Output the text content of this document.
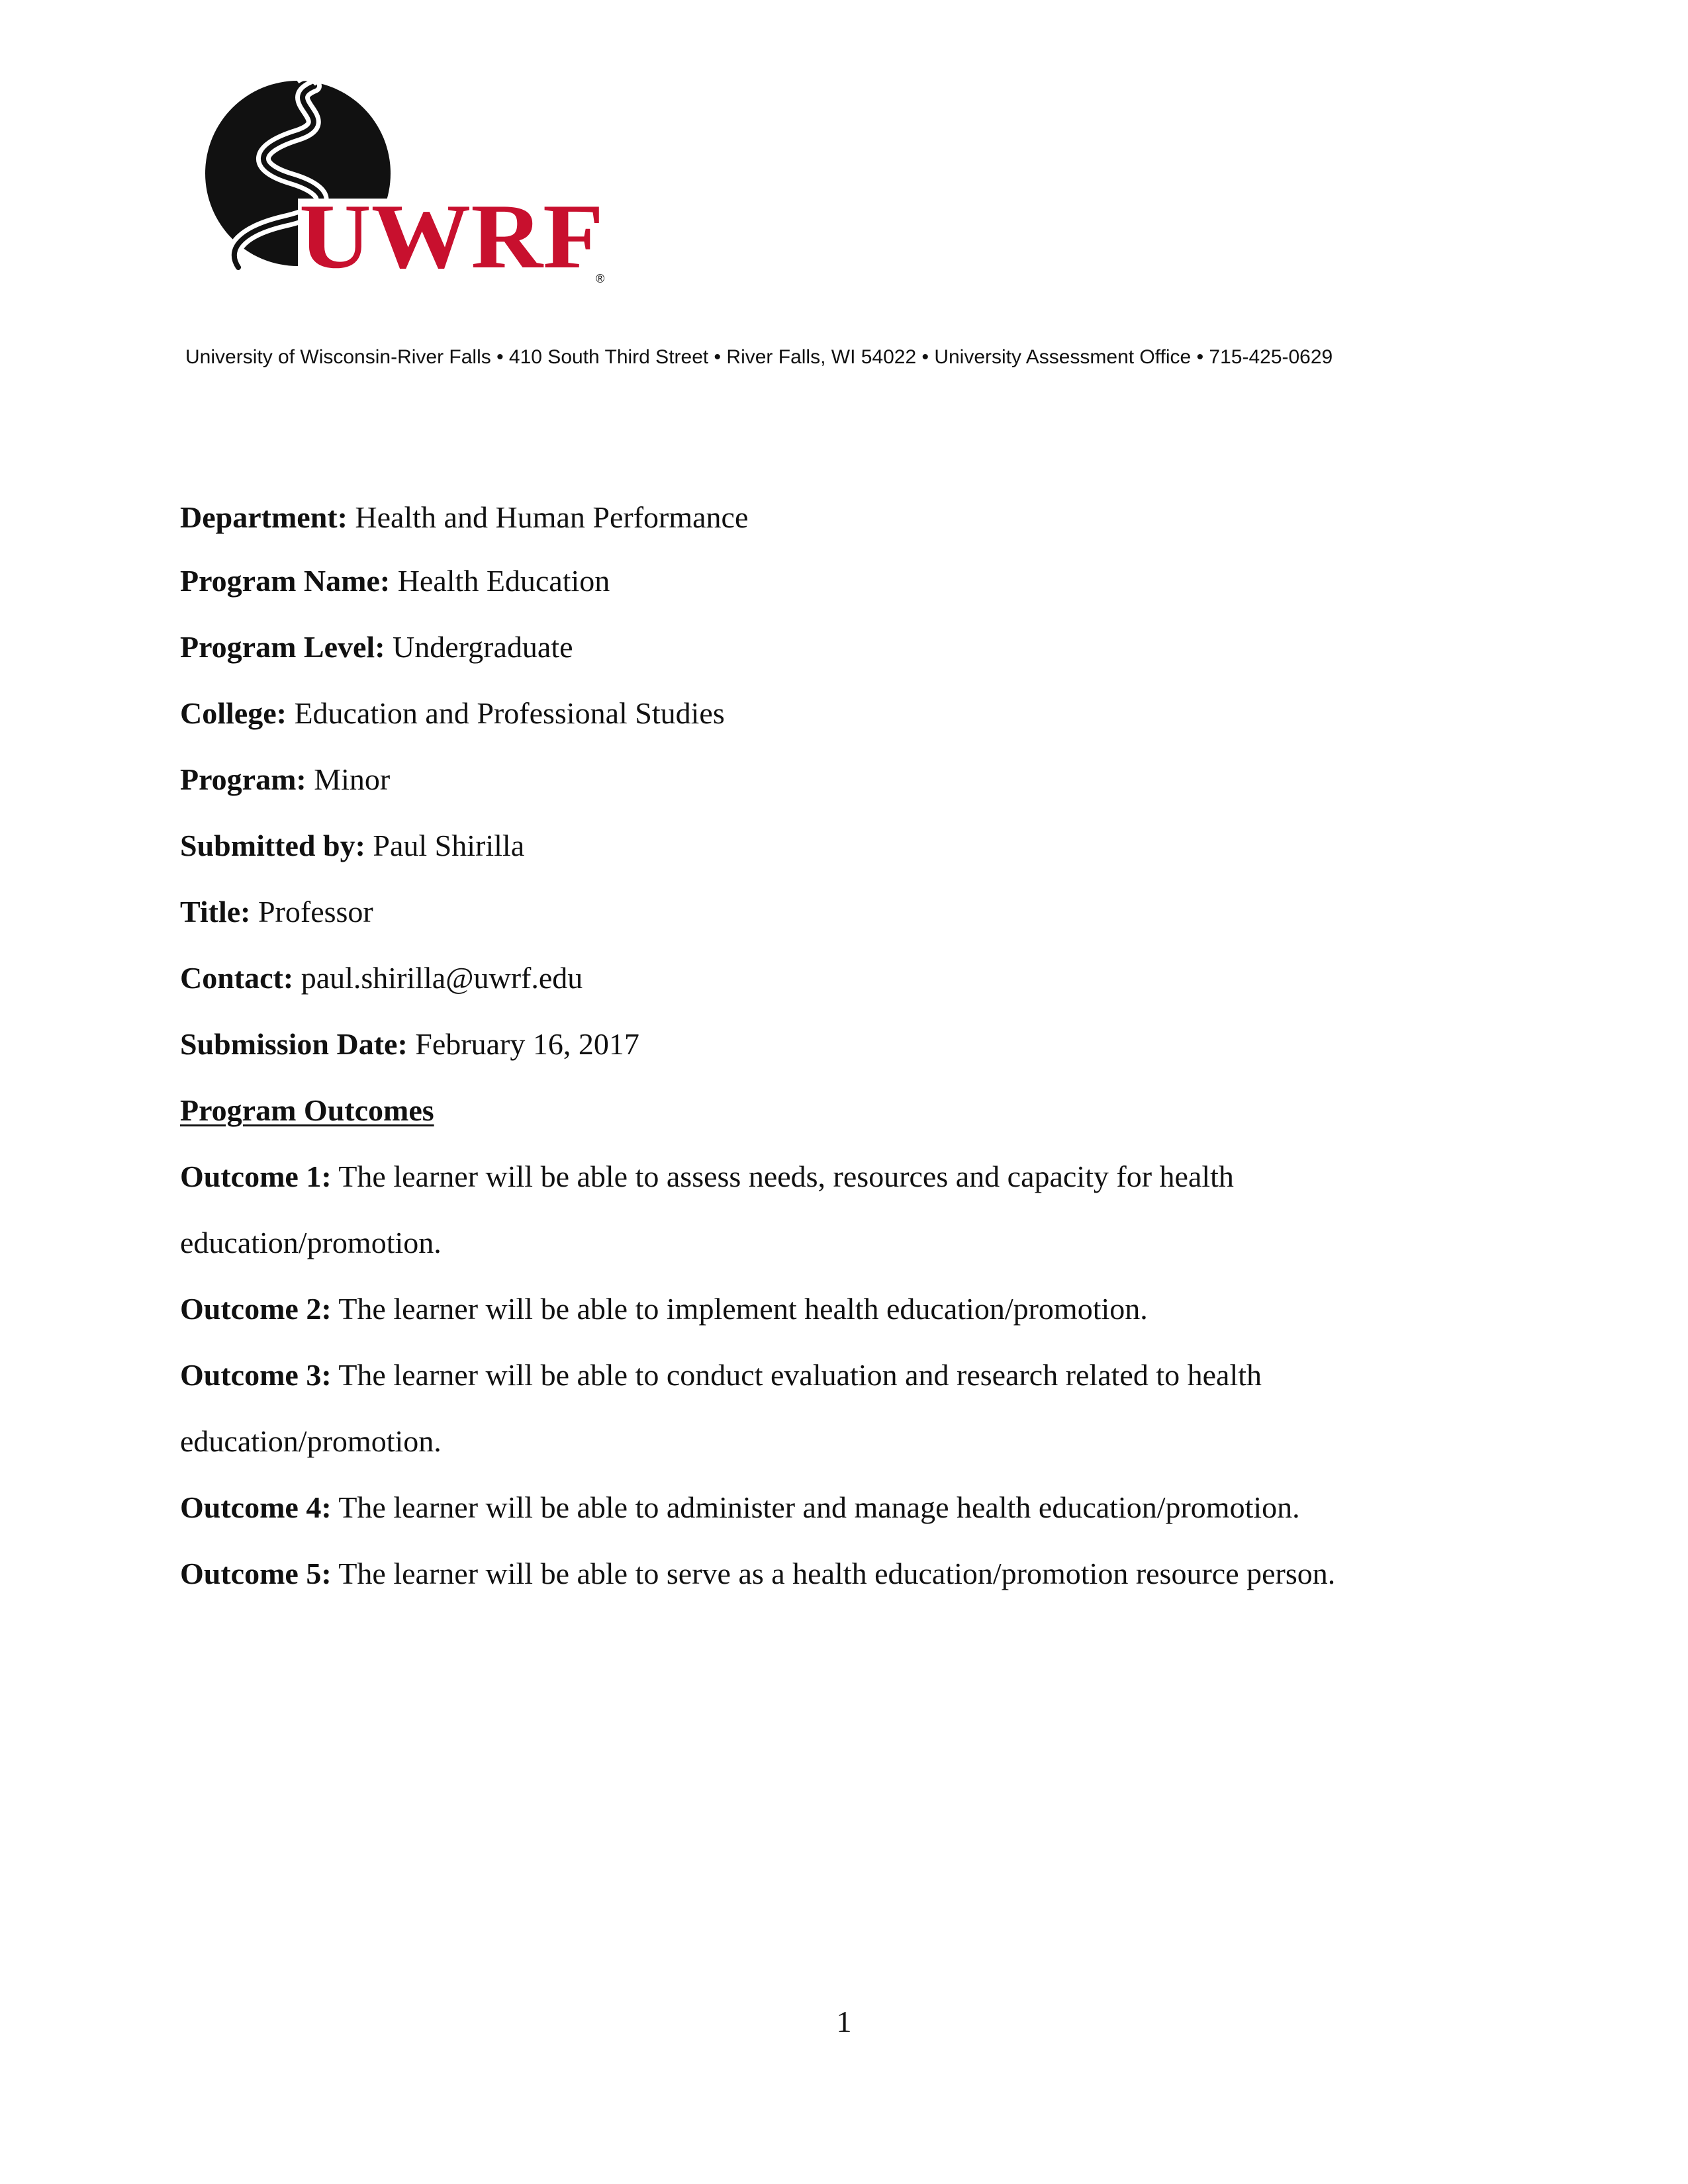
UWRF
®
University of Wisconsin-River Falls • 410 South Third Street • River Falls, WI 54022 • University Assessment Office • 715-425-0629
Department: Health and Human Performance
Program Name: Health Education
Program Level: Undergraduate
College: Education and Professional Studies
Program: Minor
Submitted by: Paul Shirilla
Title: Professor
Contact: paul.shirilla@uwrf.edu
Submission Date: February 16, 2017
Program Outcomes
Outcome 1: The learner will be able to assess needs, resources and capacity for health
education/promotion.
Outcome 2: The learner will be able to implement health education/promotion.
Outcome 3: The learner will be able to conduct evaluation and research related to health
education/promotion.
Outcome 4: The learner will be able to administer and manage health education/promotion.
Outcome 5: The learner will be able to serve as a health education/promotion resource person.
1
